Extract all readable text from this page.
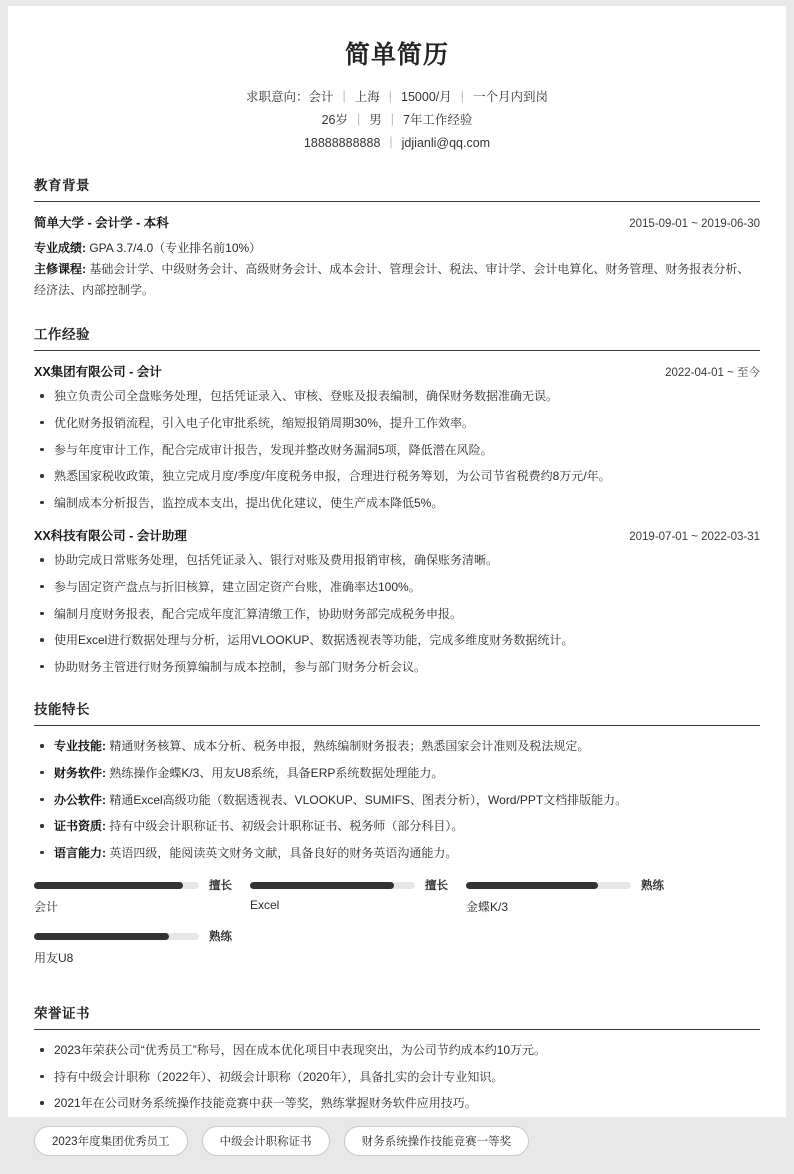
简单简历
求职意向：会计 | 上海 | 15000/月 | 一个月内到岗
26岁 | 男 | 7年工作经验
18888888888 | jdjianli@qq.com
教育背景
简单大学 - 会计学 - 本科	2015-09-01 ~ 2019-06-30
专业成绩: GPA 3.7/4.0（专业排名前10%）
主修课程: 基础会计学、中级财务会计、高级财务会计、成本会计、管理会计、税法、审计学、会计电算化、财务管理、财务报表分析、经济法、内部控制学。
工作经验
XX集团有限公司 - 会计	2022-04-01 ~ 至今
独立负责公司全盘账务处理，包括凭证录入、审核、登账及报表编制，确保财务数据准确无误。
优化财务报销流程，引入电子化审批系统，缩短报销周期30%，提升工作效率。
参与年度审计工作，配合完成审计报告，发现并整改财务漏洞5项，降低潜在风险。
熟悉国家税收政策，独立完成月度/季度/年度税务申报，合理进行税务筹划，为公司节省税费约8万元/年。
编制成本分析报告，监控成本支出，提出优化建议，使生产成本降低5%。
XX科技有限公司 - 会计助理	2019-07-01 ~ 2022-03-31
协助完成日常账务处理，包括凭证录入、银行对账及费用报销审核，确保账务清晰。
参与固定资产盘点与折旧核算，建立固定资产台账，准确率达100%。
编制月度财务报表，配合完成年度汇算清缴工作，协助财务部完成税务申报。
使用Excel进行数据处理与分析，运用VLOOKUP、数据透视表等功能，完成多维度财务数据统计。
协助财务主管进行财务预算编制与成本控制，参与部门财务分析会议。
技能特长
专业技能: 精通财务核算、成本分析、税务申报，熟练编制财务报表；熟悉国家会计准则及税法规定。
财务软件: 熟练操作金蝶K/3、用友U8系统，具备ERP系统数据处理能力。
办公软件: 精通Excel高级功能（数据透视表、VLOOKUP、SUMIFS、图表分析），Word/PPT文档排版能力。
证书资质: 持有中级会计职称证书、初级会计职称证书、税务师（部分科目）。
语言能力: 英语四级，能阅读英文财务文献，具备良好的财务英语沟通能力。
擅长
会计
擅长
Excel
熟练
金蝶K/3
熟练
用友U8
荣誉证书
2023年荣获公司“优秀员工”称号，因在成本优化项目中表现突出，为公司节约成本约10万元。
持有中级会计职称（2022年）、初级会计职称（2020年），具备扎实的会计专业知识。
2021年在公司财务系统操作技能竞赛中获一等奖，熟练掌握财务软件应用技巧。
2023年度集团优秀员工	中级会计职称证书	财务系统操作技能竞赛一等奖
